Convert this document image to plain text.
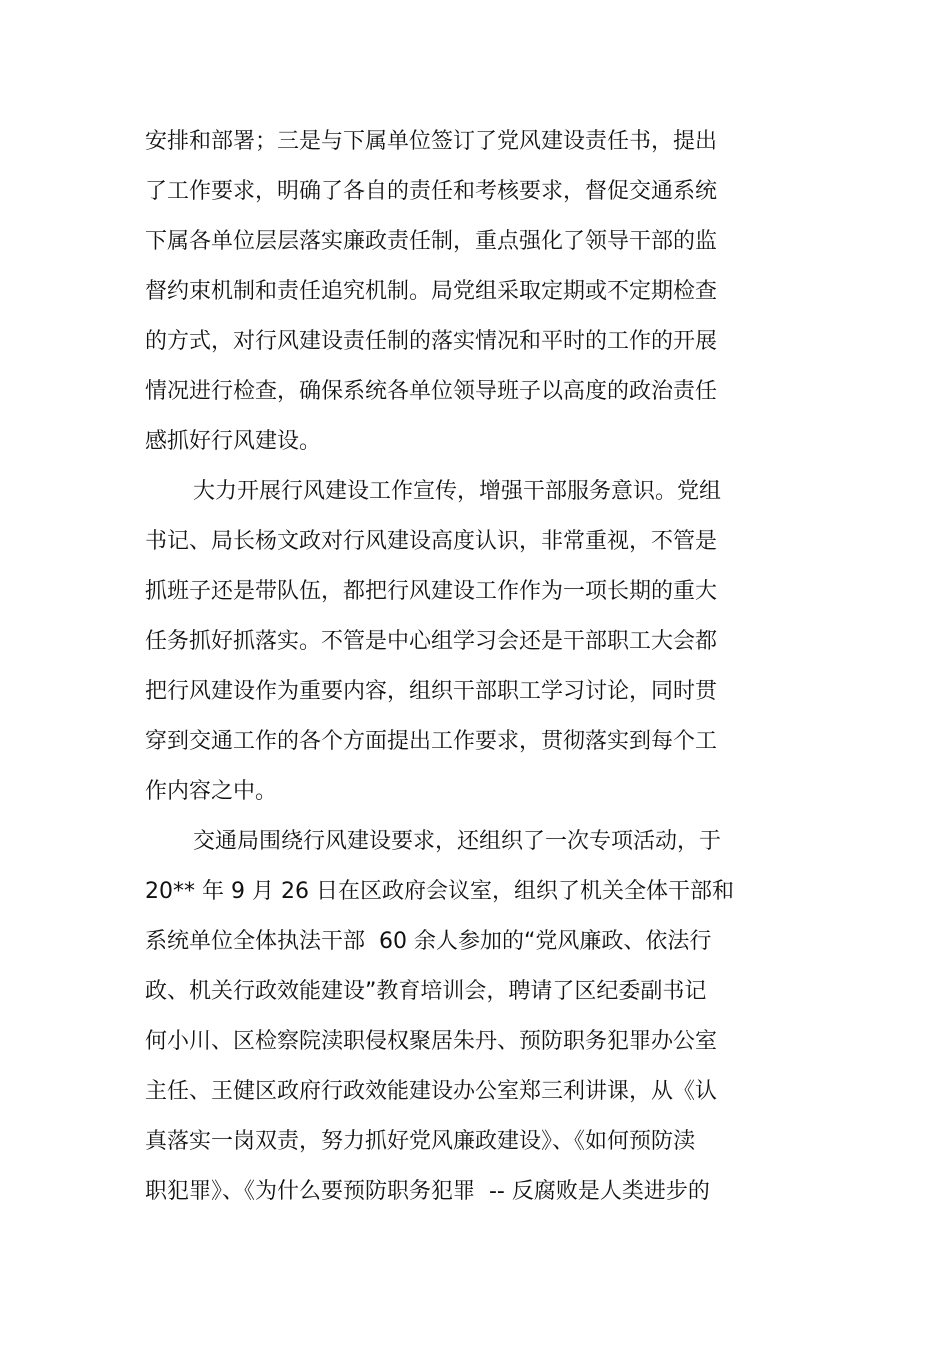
安排和部署；三是与下属单位签订了党风建设责任书，提出
了工作要求，明确了各自的责任和考核要求，督促交通系统
下属各单位层层落实廉政责任制，重点强化了领导干部的监
督约束机制和责任追究机制。局党组采取定期或不定期检查
的方式，对行风建设责任制的落实情况和平时的工作的开展
情况进行检查，确保系统各单位领导班子以高度的政治责任
感抓好行风建设。
大力开展行风建设工作宣传，增强干部服务意识。党组
书记、局长杨文政对行风建设高度认识，非常重视，不管是
抓班子还是带队伍，都把行风建设工作作为一项长期的重大
任务抓好抓落实。不管是中心组学习会还是干部职工大会都
把行风建设作为重要内容，组织干部职工学习讨论，同时贯
穿到交通工作的各个方面提出工作要求，贯彻落实到每个工
作内容之中。
交通局围绕行风建设要求，还组织了一次专项活动，于
20** 年 9 月 26 日在区政府会议室，组织了机关全体干部和
系统单位全体执法干部  60 余人参加的“党风廉政、依法行
政、机关行政效能建设”教育培训会，聘请了区纪委副书记
何小川、区检察院渎职侵权聚居朱丹、预防职务犯罪办公室
主任、王健区政府行政效能建设办公室郑三利讲课，从《认
真落实一岗双责，努力抓好党风廉政建设》、《如何预防渎
职犯罪》、《为什么要预防职务犯罪  -- 反腐败是人类进步的
